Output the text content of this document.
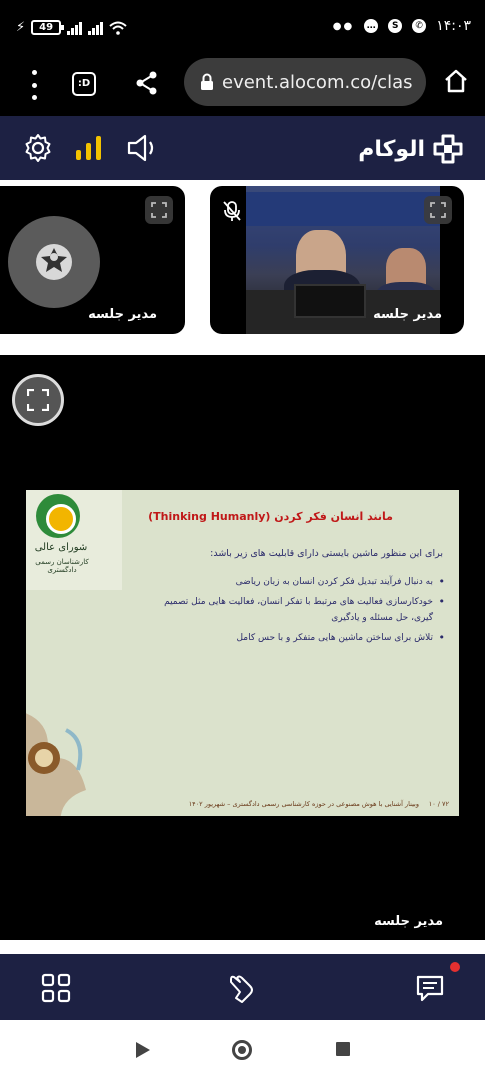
⚡	49	●● …	S	✆ ۱۴:۰۳
:D	event.alocom.co/clas
الوکام
مدیر جلسه	مدیر جلسه
شورای عالی
کارشناسان رسمی دادگستری
مانند انسان فکر کردن (Thinking Humanly)
برای این منظور ماشین بایستی دارای قابلیت های زیر باشد:
• به دنبال فرآیند تبدیل فکر کردن انسان به زبان ریاضی
• خودکارسازی فعالیت های مرتبط با تفکر انسان، فعالیت هایی مثل تصمیم گیری، حل مسئله و یادگیری
• تلاش برای ساختن ماشین هایی متفکر و با حس کامل
وبینار آشنایی با هوش مصنوعی در حوزه کارشناسی رسمی دادگستری – شهریور ۱۴۰۲ ۱۰ / ۷۲
مدیر جلسه
